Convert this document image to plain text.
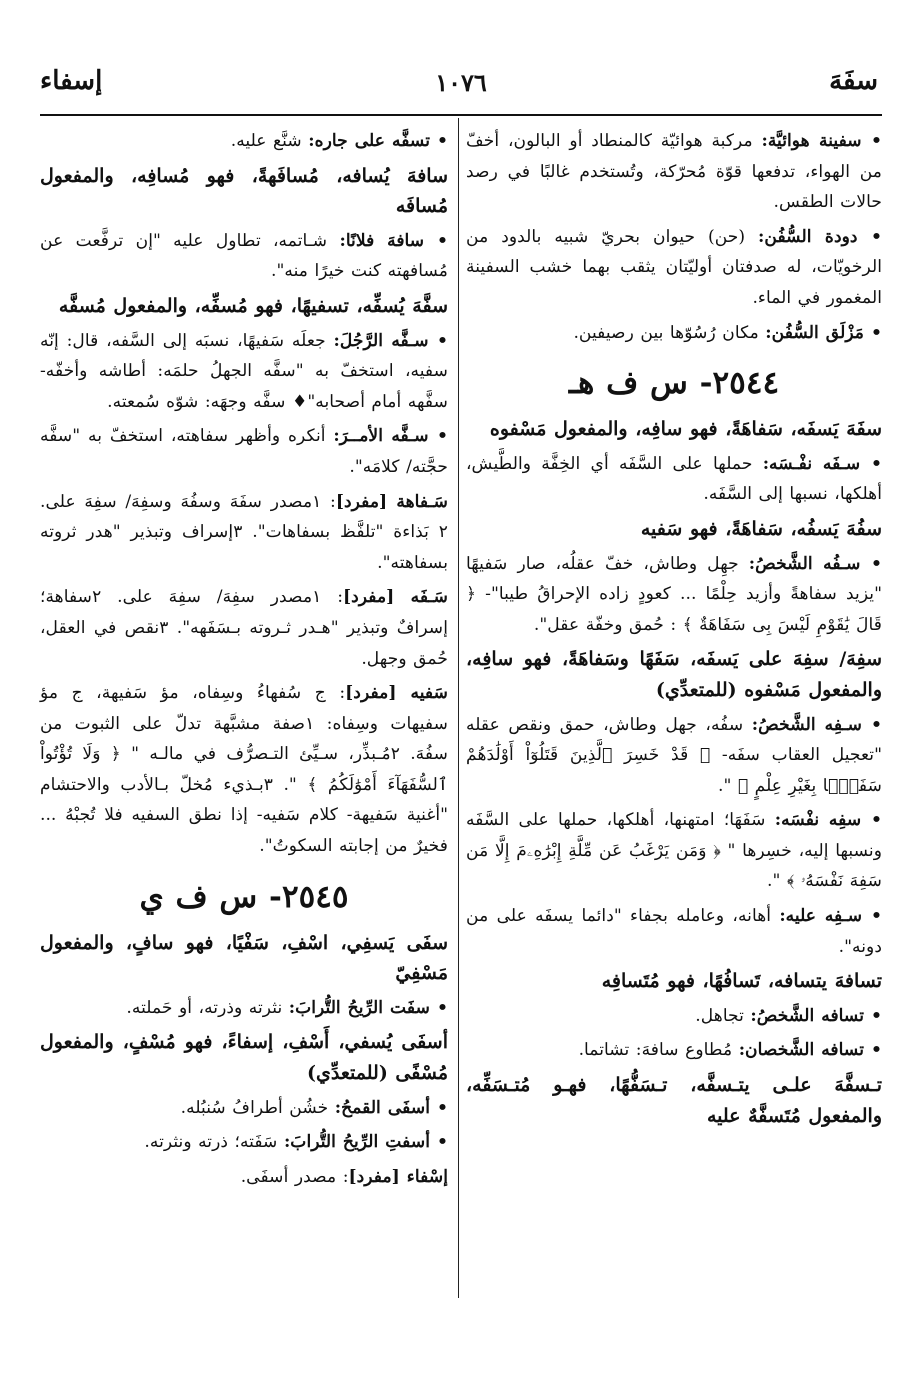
سفَهَ
١٠٧٦
إسفاء

• سفينة هوائيَّة: مركبة هوائيّة كالمنطاد أو البالون، أخفّ من الهواء، تدفعها قوّة مُحرّكة، وتُستخدم غالبًا في رصد حالات الطقس.

• دودة السُّفُن: (حن) حيوان بحريّ شبيه بالدود من الرخويّات، له صدفتان أوليّتان يثقب بهما خشب السفينة المغمور في الماء.

• مَزْلَق السُّفُن: مكان رُسُوّها بين رصيفين.

٢٥٤٤- س ف هـ

سفَهَ يَسفَه، سَفاهَةً، فهو سافِه، والمفعول مَسْفوه

• سـفَه نفْـسَه: حملها على السَّفَه أي الخِفَّة والطَّيش، أهلكها، نسبها إلى السَّفَه.

سفُهَ يَسفُه، سَفاهَةً، فهو سَفيه

• سـفُه الشَّخصُ: جهِل وطاش، خفّ عقلُه، صار سَفيهًا "يزيد سفاهةً وأزيد حِلْمًا ... كعودٍ زاده الإحراقُ طيبا"- ﴿ قَالَ يَٰقَوْمِ لَيْسَ بِى سَفَاهَةٌ ﴾ : حُمق وخفّة عقل".

سفِهَ/ سفِهَ على يَسفَه، سَفَهًا وسَفاهَةً، فهو سافِه، والمفعول مَسْفوه (للمتعدِّي)

• سـفِه الشَّخصُ: سفُه، جهل وطاش، حمق ونقص عقله "تعجيل العقاب سفَه- ﴿ قَدْ خَسِرَ ٱلَّذِينَ قَتَلُوٓاْ أَوْلَٰدَهُمْ سَفَهًۢا بِغَيْرِ عِلْمٍ ﴾ ".

• سفِه نفْسَه: سَفَهَا؛ امتهنها، أهلكها، حملها على السَّفَه ونسبها إليه، خسِرها " ﴿ وَمَن يَرْغَبُ عَن مِّلَّةِ إِبْرَٰهِۦمَ إِلَّا مَن سَفِهَ نَفْسَهُۥ ﴾ ".

• سـفِه عليه: أهانه، وعامله بجفاء "دائما يسفَه على من دونه".

تسافهَ يتسافه، تَسافُهًا، فهو مُتَسافِه

• تسافه الشَّخصُ: تجاهل.

• تسافه الشَّخصان: مُطاوع سافهَ: تشاتما.

تـسفَّهَ علـى يتـسفَّه، تـسَفُّهًا، فهـو مُتـسَفِّه، والمفعول مُتَسفَّهٌ عليه

• تسفَّه على جاره: شنَّع عليه.

سافهَ يُسافه، مُسافَهةً، فهو مُسافِه، والمفعول مُسافَه

• سافهَ فلانًا: شـاتمه، تطاول عليه "إن ترفَّعت عن مُسافهته كنت خيرًا منه".

سفَّهَ يُسفِّه، تسفيهًا، فهو مُسفِّه، والمفعول مُسفَّه

• سـفَّه الرَّجُلَ: جعلَه سَفيهًا، نسبَه إلى السَّفه، قال: إنّه سفيه، استخفّ به "سفَّه الجهلُ حلمَه: أطاشه وأخفّه- سفَّهه أمام أصحابه"♦ سفَّه وجهَه: شوّه سُمعته.

• سـفَّه الأمــرَ: أنكره وأظهر سفاهته، استخفّ به "سفَّه حجَّته/ كلامَه".

سَـفاهة [مفرد]: ١مصدر سفَهَ وسفُهَ وسفِهَ/ سفِهَ على. ٢ بَذاءة "تلفَّظ بسفاهات". ٣إسراف وتبذير "هدر ثروته بسفاهته".

سَـفَه [مفرد]: ١مصدر سفِهَ/ سفِهَ على. ٢سفاهة؛ إسرافٌ وتبذير "هـدر ثـروته بـسَفَهه". ٣نقص في العقل، حُمق وجهل.

سَفيه [مفرد]: ج سُفهاءُ وسِفاه، مؤ سَفيهة، ج مؤ سفيهات وسِفاه: ١صفة مشبَّهة تدلّ على الثبوت من سفُهَ. ٢مُـبذِّر، سـيِّئ التـصرُّف في مالـه " ﴿ وَلَا تُؤْتُواْ ٱلسُّفَهَآءَ أَمْوَٰلَكُمُ ﴾ ". ٣بـذيء مُخلّ بـالأدب والاحتشام "أغنية سَفيهة- كلام سَفيه- إذا نطق السفيه فلا تُجبْهُ ... فخيرٌ من إجابته السكوتُ".

٢٥٤٥- س ف ي

سفَى يَسفِي، اسْفِ، سَفْيًا، فهو سافٍ، والمفعول مَسْفِيّ

• سفَت الرِّيحُ التُّرابَ: نثرته وذرته، أو حَملته.

أسفَى يُسفي، أَسْفِ، إسفاءً، فهو مُسْفٍ، والمفعول مُسْفًى (للمتعدِّي)

• أسفَى القمحُ: خشُن أطرافُ سُنبُله.

• أسفتِ الرِّيحُ التُّرابَ: سَفَته؛ ذرته ونثرته.

إسْفاء [مفرد]: مصدر أسفَى.
